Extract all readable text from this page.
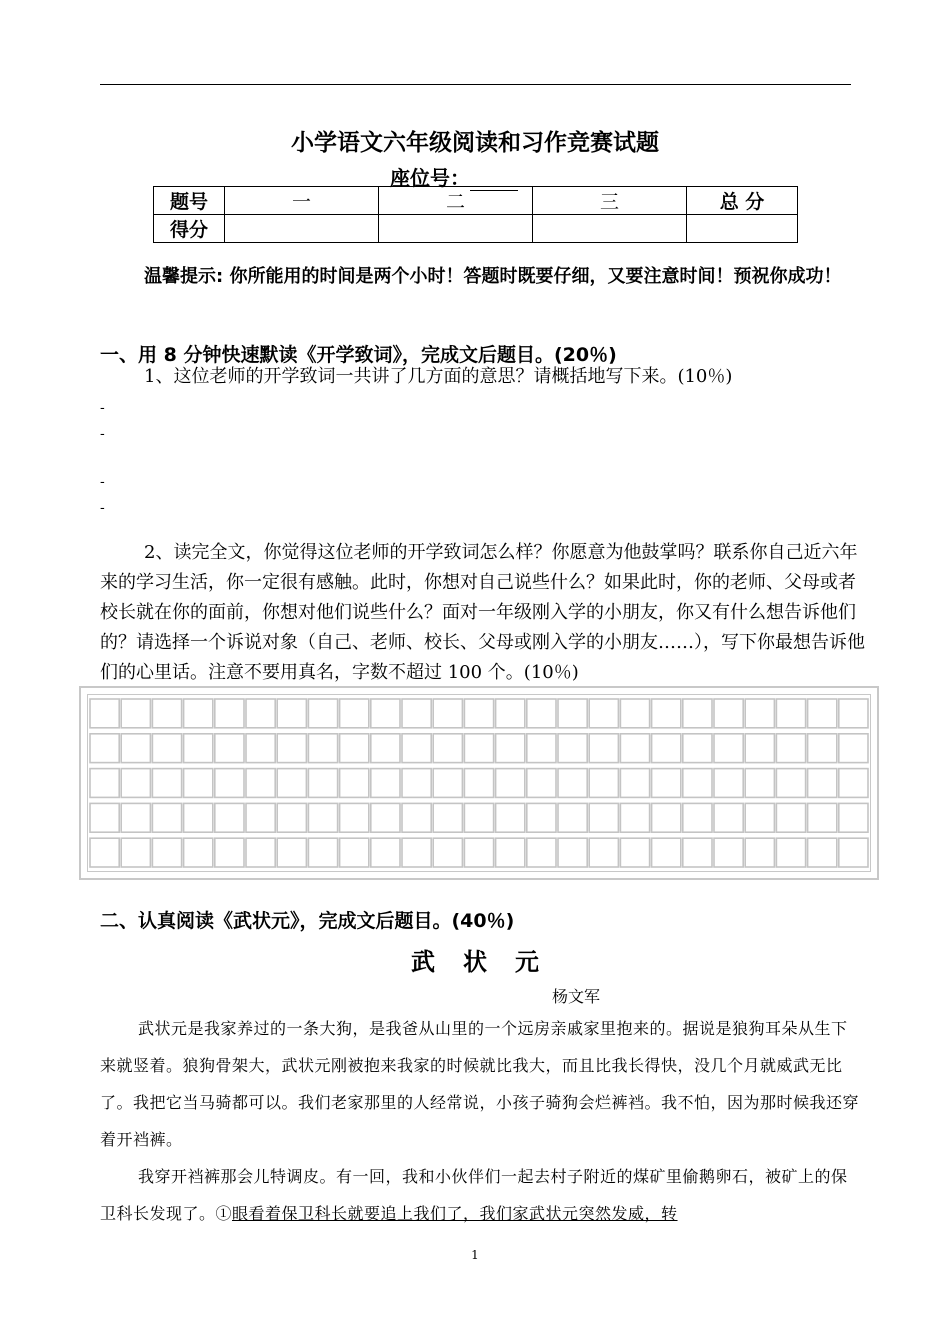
小学语文六年级阅读和习作竞赛试题
座位号：
题号	一	二	三	总 分
得分				
温馨提示: 你所能用的时间是两个小时！答题时既要仔细，又要注意时间！预祝你成功！
一、用 8 分钟快速默读《开学致词》，完成文后题目。(20％)
1、这位老师的开学致词一共讲了几方面的意思？请概括地写下来。(10％)
-
-
-
-
2、读完全文，你觉得这位老师的开学致词怎么样？你愿意为他鼓掌吗？联系你自己近六年来的学习生活，你一定很有感触。此时，你想对自己说些什么？如果此时，你的老师、父母或者校长就在你的面前，你想对他们说些什么？面对一年级刚入学的小朋友，你又有什么想告诉他们的？请选择一个诉说对象（自己、老师、校长、父母或刚入学的小朋友……），写下你最想告诉他们的心里话。注意不要用真名，字数不超过 100 个。(10％)
二、认真阅读《武状元》，完成文后题目。(40％)
武状元
杨文军
武状元是我家养过的一条大狗，是我爸从山里的一个远房亲戚家里抱来的。据说是狼狗耳朵从生下来就竖着。狼狗骨架大，武状元刚被抱来我家的时候就比我大，而且比我长得快，没几个月就威武无比了。我把它当马骑都可以。我们老家那里的人经常说，小孩子骑狗会烂裤裆。我不怕，因为那时候我还穿着开裆裤。
我穿开裆裤那会儿特调皮。有一回，我和小伙伴们一起去村子附近的煤矿里偷鹅卵石，被矿上的保卫科长发现了。①眼看着保卫科长就要追上我们了，我们家武状元突然发威，转
1
